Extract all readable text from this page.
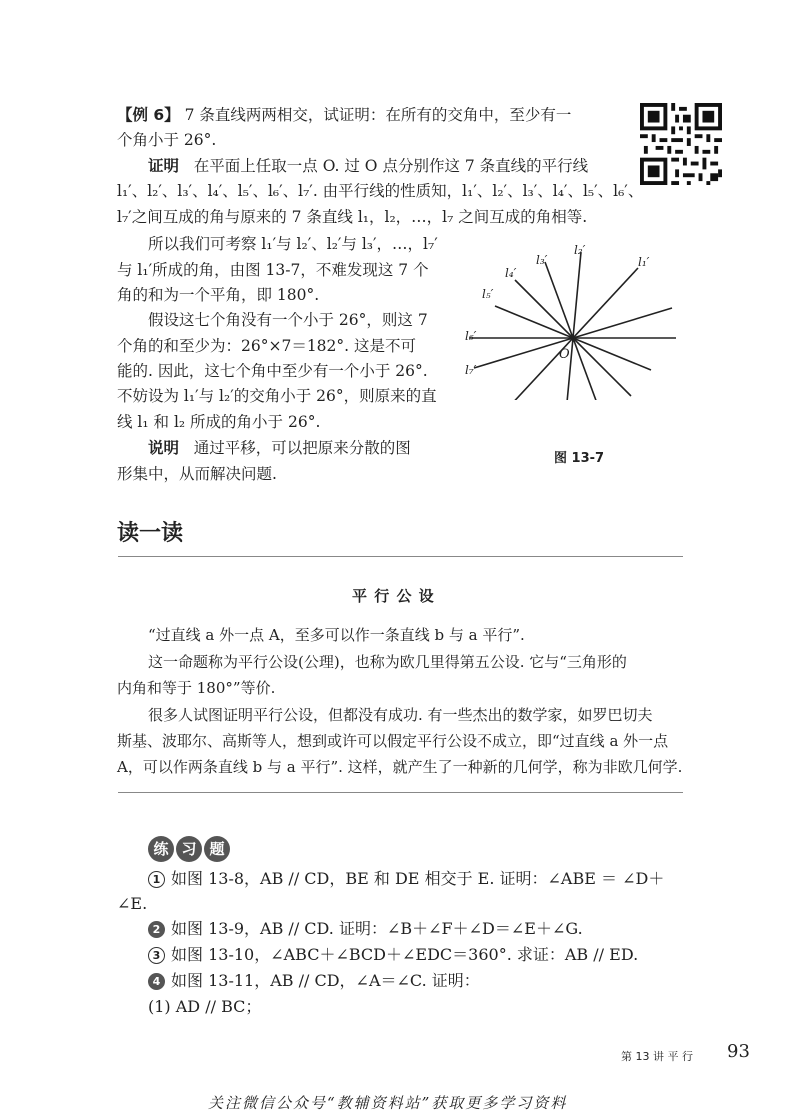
【例 6】 7 条直线两两相交，试证明：在所有的交角中，至少有一
个角小于 26°.
证明 在平面上任取一点 O. 过 O 点分别作这 7 条直线的平行线
l₁′、l₂′、l₃′、l₄′、l₅′、l₆′、l₇′. 由平行线的性质知，l₁′、l₂′、l₃′、l₄′、l₅′、l₆′、
l₇′之间互成的角与原来的 7 条直线 l₁，l₂，…，l₇ 之间互成的角相等.
所以我们可考察 l₁′与 l₂′、l₂′与 l₃′，…，l₇′
与 l₁′所成的角，由图 13-7，不难发现这 7 个
角的和为一个平角，即 180°.
假设这七个角没有一个小于 26°，则这 7
个角的和至少为：26°×7＝182°. 这是不可
能的. 因此，这七个角中至少有一个小于 26°.
不妨设为 l₁′与 l₂′的交角小于 26°，则原来的直
线 l₁ 和 l₂ 所成的角小于 26°.
说明 通过平移，可以把原来分散的图
形集中，从而解决问题.
l₁′
l₂′
l₃′
l₄′
l₅′
l₆′
l₇′
O
图 13-7
读一读
平 行 公 设
“过直线 a 外一点 A，至多可以作一条直线 b 与 a 平行”.
这一命题称为平行公设(公理)，也称为欧几里得第五公设. 它与“三角形的
内角和等于 180°”等价.
很多人试图证明平行公设，但都没有成功. 有一些杰出的数学家，如罗巴切夫
斯基、波耶尔、高斯等人，想到或许可以假定平行公设不成立，即“过直线 a 外一点
A，可以作两条直线 b 与 a 平行”. 这样，就产生了一种新的几何学，称为非欧几何学.
练 习 题
1 如图 13-8，AB // CD，BE 和 DE 相交于 E. 证明：∠ABE ＝ ∠D＋
∠E.
2 如图 13-9，AB // CD. 证明：∠B＋∠F＋∠D＝∠E＋∠G.
3 如图 13-10，∠ABC＋∠BCD＋∠EDC＝360°. 求证：AB // ED.
4 如图 13-11，AB // CD，∠A＝∠C. 证明：
(1) AD // BC；
第 13 讲 平 行 93
关注微信公众号“教辅资料站”获取更多学习资料
